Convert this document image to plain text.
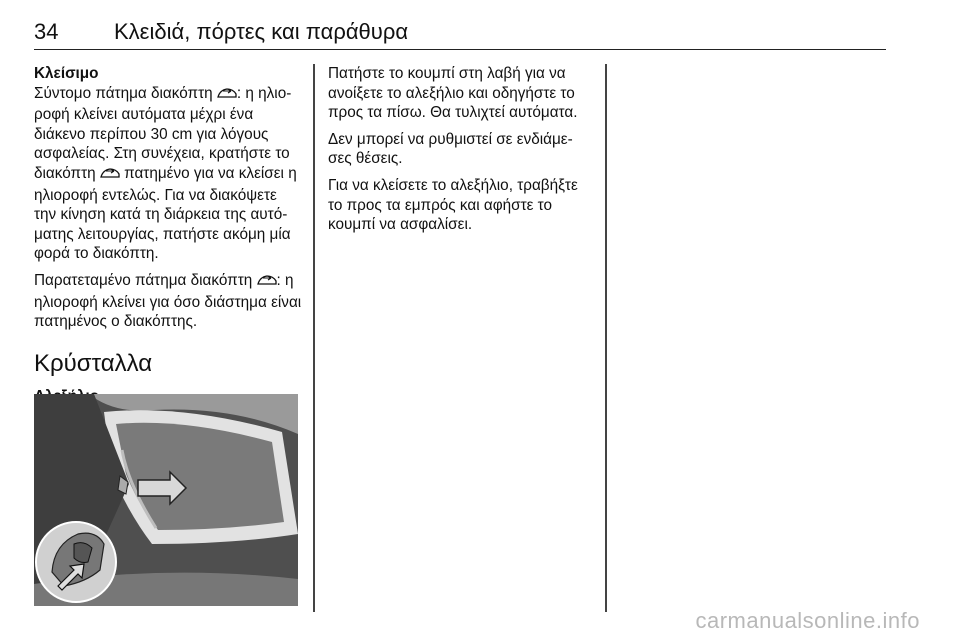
34	Κλειδιά, πόρτες και παράθυρα
Κλείσιμο

Σύντομο πάτημα διακόπτη : η ηλιο-ροφή κλείνει αυτόματα μέχρι ένα διάκενο περίπου 30 cm για λόγους ασφαλείας. Στη συνέχεια, κρατήστε το διακόπτη  πατημένο για να κλείσει η ηλιοροφή εντελώς. Για να διακόψετε την κίνηση κατά τη διάρκεια της αυτό-ματης λειτουργίας, πατήστε ακόμη μία φορά το διακόπτη.

Παρατεταμένο πάτημα διακόπτη : η ηλιοροφή κλείνει για όσο διάστημα είναι πατημένος ο διακόπτης.

Κρύσταλλα

Πατήστε το κουμπί στη λαβή για να ανοίξετε το αλεξήλιο και οδηγήστε το προς τα πίσω. Θα τυλιχτεί αυτόματα.

Δεν μπορεί να ρυθμιστεί σε ενδιάμε-σες θέσεις.

Για να κλείσετε το αλεξήλιο, τραβήξτε το προς τα εμπρός και αφήστε το κουμπί να ασφαλίσει.

carmanualsonline.info
